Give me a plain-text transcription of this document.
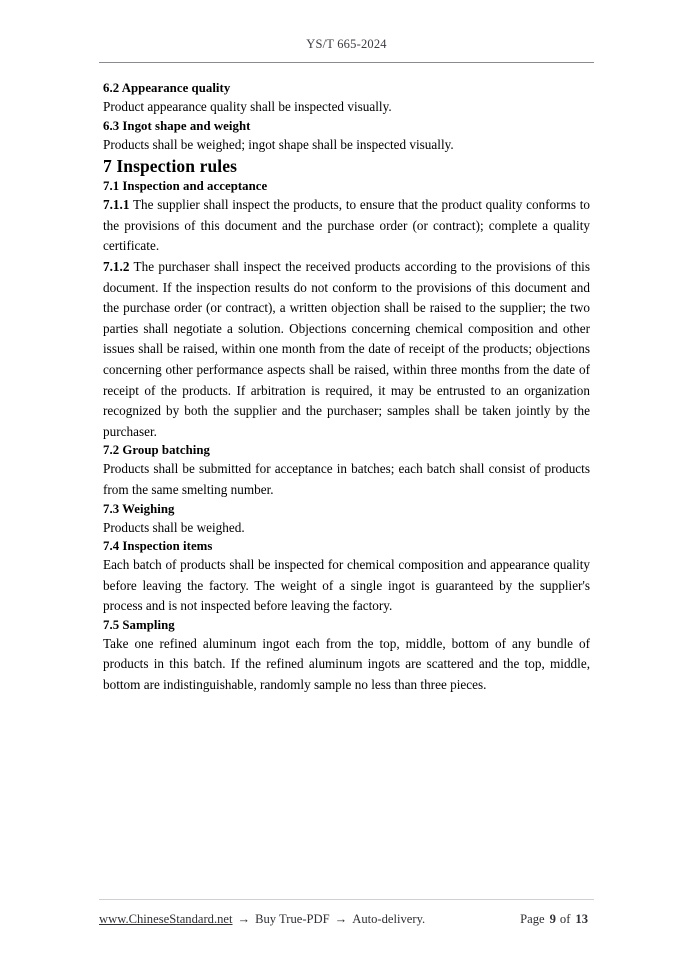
YS/T 665-2024
6.2 Appearance quality

Product appearance quality shall be inspected visually.

6.3 Ingot shape and weight

Products shall be weighed; ingot shape shall be inspected visually.

7 Inspection rules
7.1 Inspection and acceptance

7.1.1 The supplier shall inspect the products, to ensure that the product quality conforms to the provisions of this document and the purchase order (or contract); complete a quality certificate.

7.1.2 The purchaser shall inspect the received products according to the provisions of this document. If the inspection results do not conform to the provisions of this document and the purchase order (or contract), a written objection shall be raised to the supplier; the two parties shall negotiate a solution. Objections concerning chemical composition and other issues shall be raised, within one month from the date of receipt of the products; objections concerning other performance aspects shall be raised, within three months from the date of receipt of the products. If arbitration is required, it may be entrusted to an organization recognized by both the supplier and the purchaser; samples shall be taken jointly by the purchaser.

7.2 Group batching

Products shall be submitted for acceptance in batches; each batch shall consist of products from the same smelting number.

7.3 Weighing

Products shall be weighed.

7.4 Inspection items

Each batch of products shall be inspected for chemical composition and appearance quality before leaving the factory. The weight of a single ingot is guaranteed by the supplier's process and is not inspected before leaving the factory.

7.5 Sampling

Take one refined aluminum ingot each from the top, middle, bottom of any bundle of products in this batch. If the refined aluminum ingots are scattered and the top, middle, bottom are indistinguishable, randomly sample no less than three pieces.

www.ChineseStandard.net → Buy True-PDF → Auto-delivery.	Page 9 of 13
